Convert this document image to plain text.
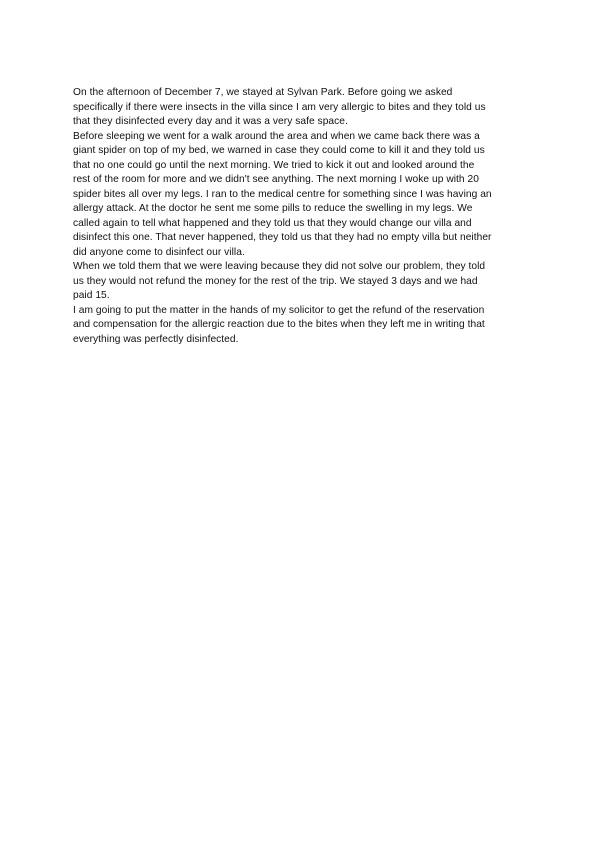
On the afternoon of December 7, we stayed at Sylvan Park. Before going we asked
specifically if there were insects in the villa since I am very allergic to bites and they told us
that they disinfected every day and it was a very safe space.
Before sleeping we went for a walk around the area and when we came back there was a
giant spider on top of my bed, we warned in case they could come to kill it and they told us
that no one could go until the next morning. We tried to kick it out and looked around the
rest of the room for more and we didn't see anything. The next morning I woke up with 20
spider bites all over my legs. I ran to the medical centre for something since I was having an
allergy attack. At the doctor he sent me some pills to reduce the swelling in my legs. We
called again to tell what happened and they told us that they would change our villa and
disinfect this one. That never happened, they told us that they had no empty villa but neither
did anyone come to disinfect our villa.
When we told them that we were leaving because they did not solve our problem, they told
us they would not refund the money for the rest of the trip. We stayed 3 days and we had
paid 15.
I am going to put the matter in the hands of my solicitor to get the refund of the reservation
and compensation for the allergic reaction due to the bites when they left me in writing that
everything was perfectly disinfected.
